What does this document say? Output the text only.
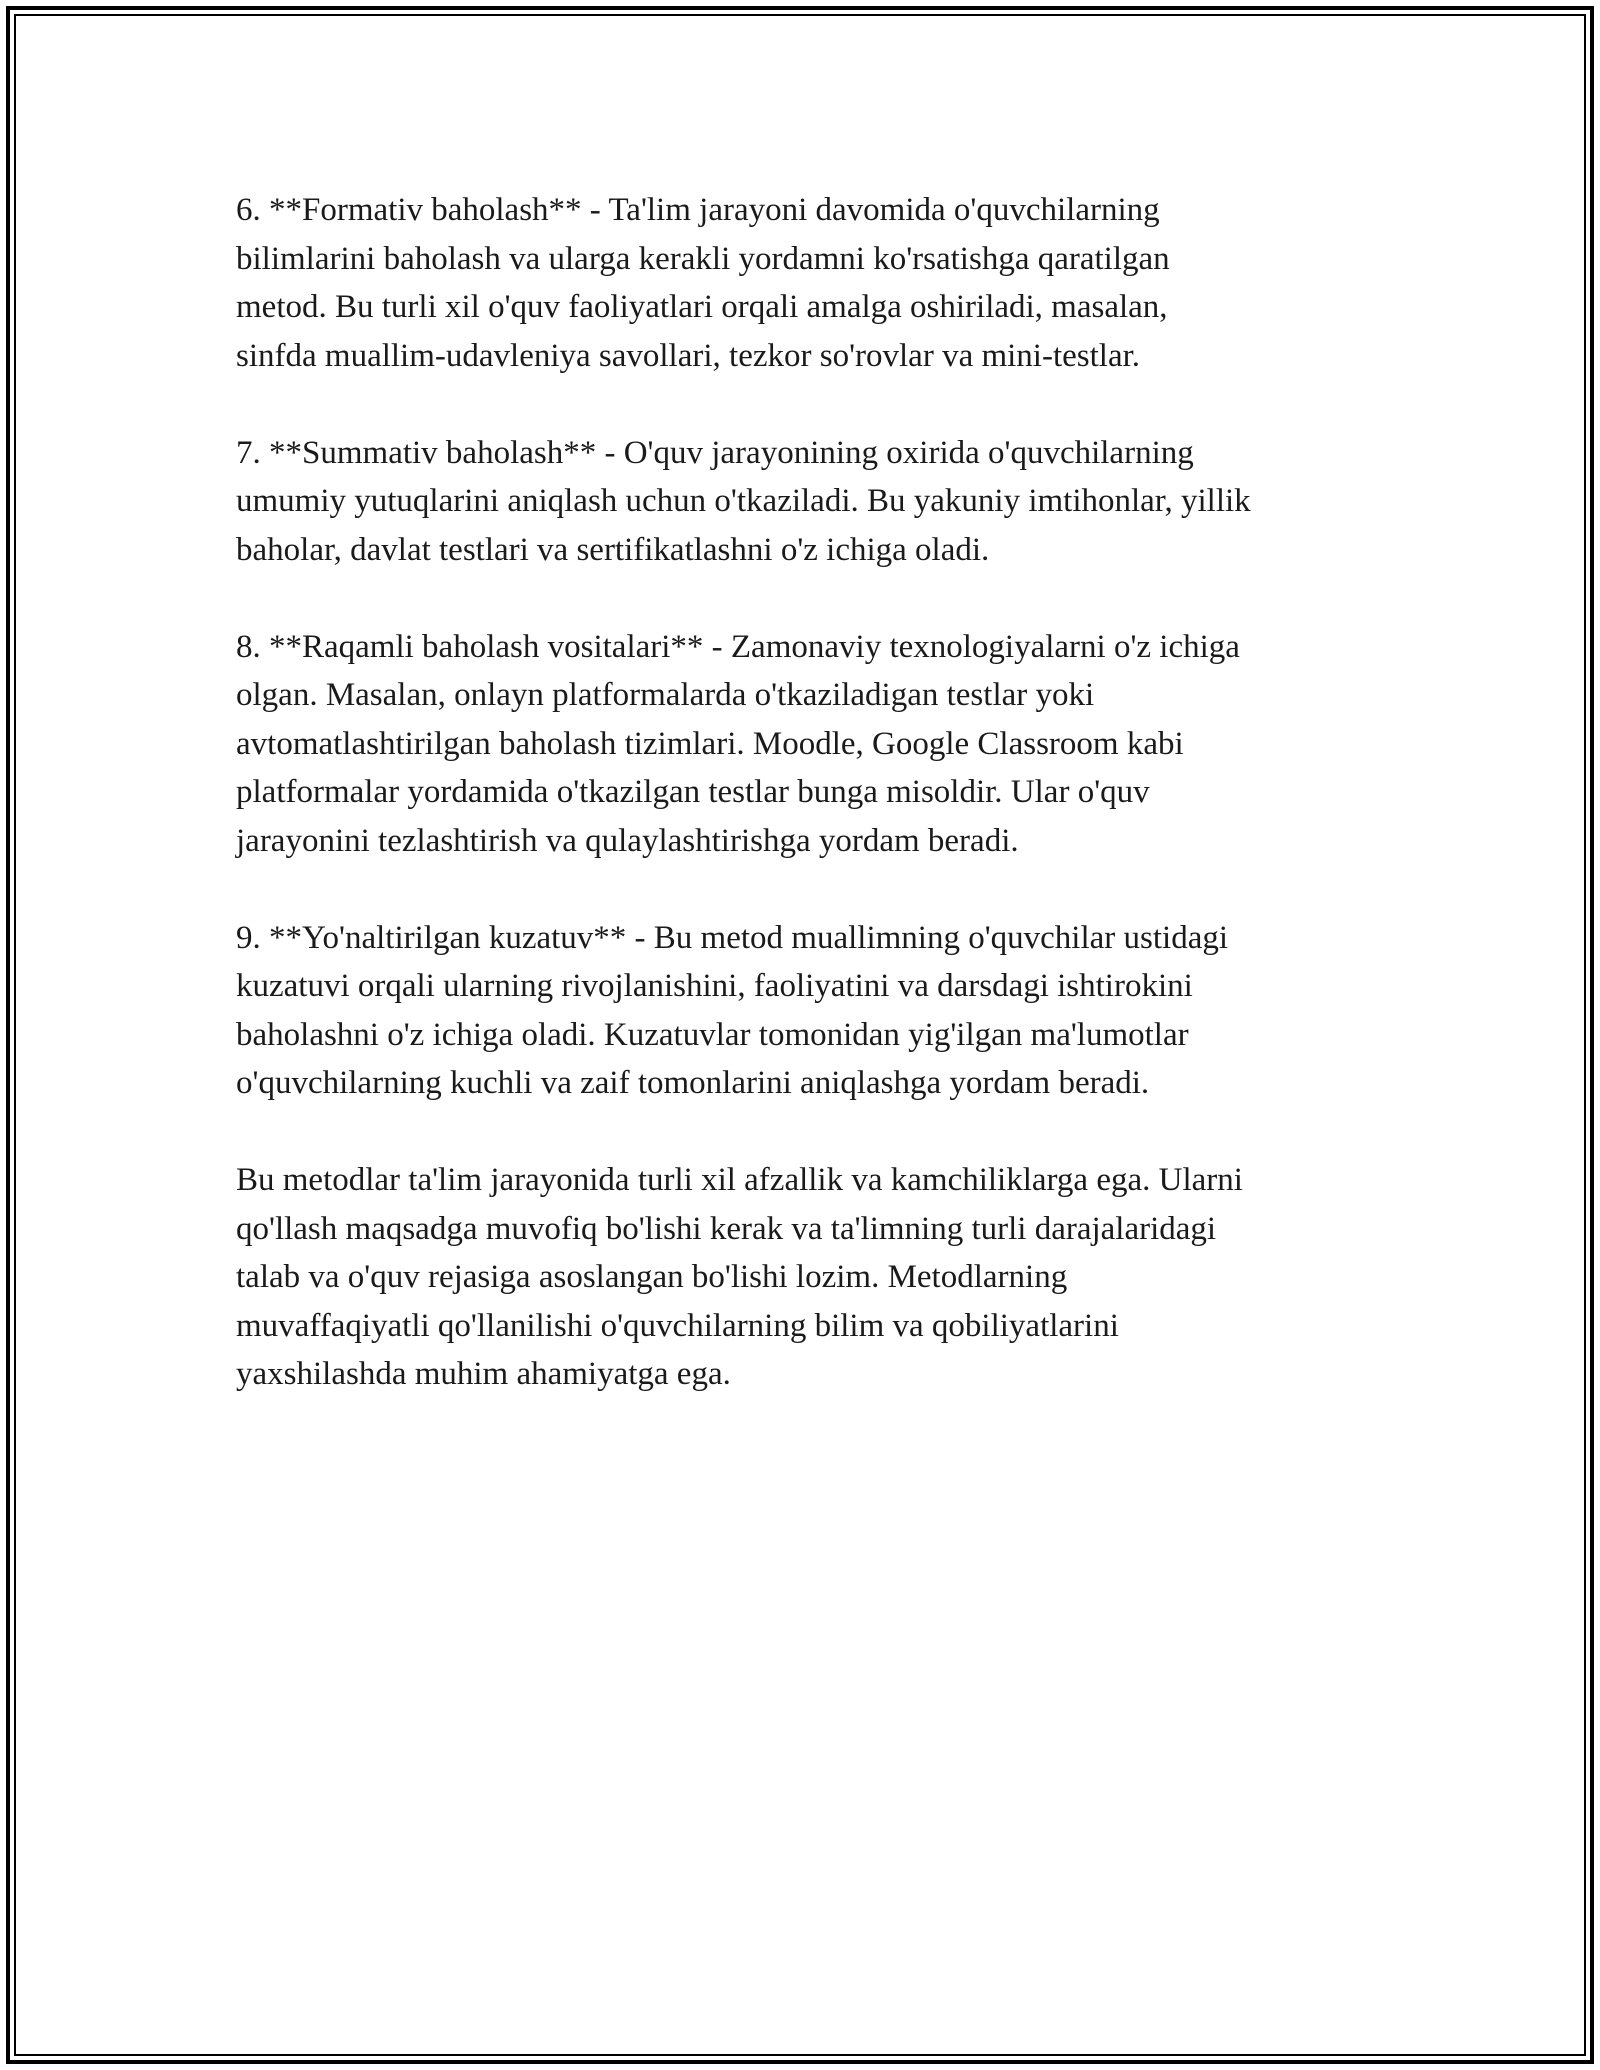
6. **Formativ baholash** - Ta'lim jarayoni davomida o'quvchilarning
bilimlarini baholash va ularga kerakli yordamni ko'rsatishga qaratilgan
metod. Bu turli xil o'quv faoliyatlari orqali amalga oshiriladi, masalan,
sinfda muallim-udavleniya savollari, tezkor so'rovlar va mini-testlar.

7. **Summativ baholash** - O'quv jarayonining oxirida o'quvchilarning
umumiy yutuqlarini aniqlash uchun o'tkaziladi. Bu yakuniy imtihonlar, yillik
baholar, davlat testlari va sertifikatlashni o'z ichiga oladi.

8. **Raqamli baholash vositalari** - Zamonaviy texnologiyalarni o'z ichiga
olgan. Masalan, onlayn platformalarda o'tkaziladigan testlar yoki
avtomatlashtirilgan baholash tizimlari. Moodle, Google Classroom kabi
platformalar yordamida o'tkazilgan testlar bunga misoldir. Ular o'quv
jarayonini tezlashtirish va qulaylashtirishga yordam beradi.

9. **Yo'naltirilgan kuzatuv** - Bu metod muallimning o'quvchilar ustidagi
kuzatuvi orqali ularning rivojlanishini, faoliyatini va darsdagi ishtirokini
baholashni o'z ichiga oladi. Kuzatuvlar tomonidan yig'ilgan ma'lumotlar
o'quvchilarning kuchli va zaif tomonlarini aniqlashga yordam beradi.

Bu metodlar ta'lim jarayonida turli xil afzallik va kamchiliklarga ega. Ularni
qo'llash maqsadga muvofiq bo'lishi kerak va ta'limning turli darajalaridagi
talab va o'quv rejasiga asoslangan bo'lishi lozim. Metodlarning
muvaffaqiyatli qo'llanilishi o'quvchilarning bilim va qobiliyatlarini
yaxshilashda muhim ahamiyatga ega.
